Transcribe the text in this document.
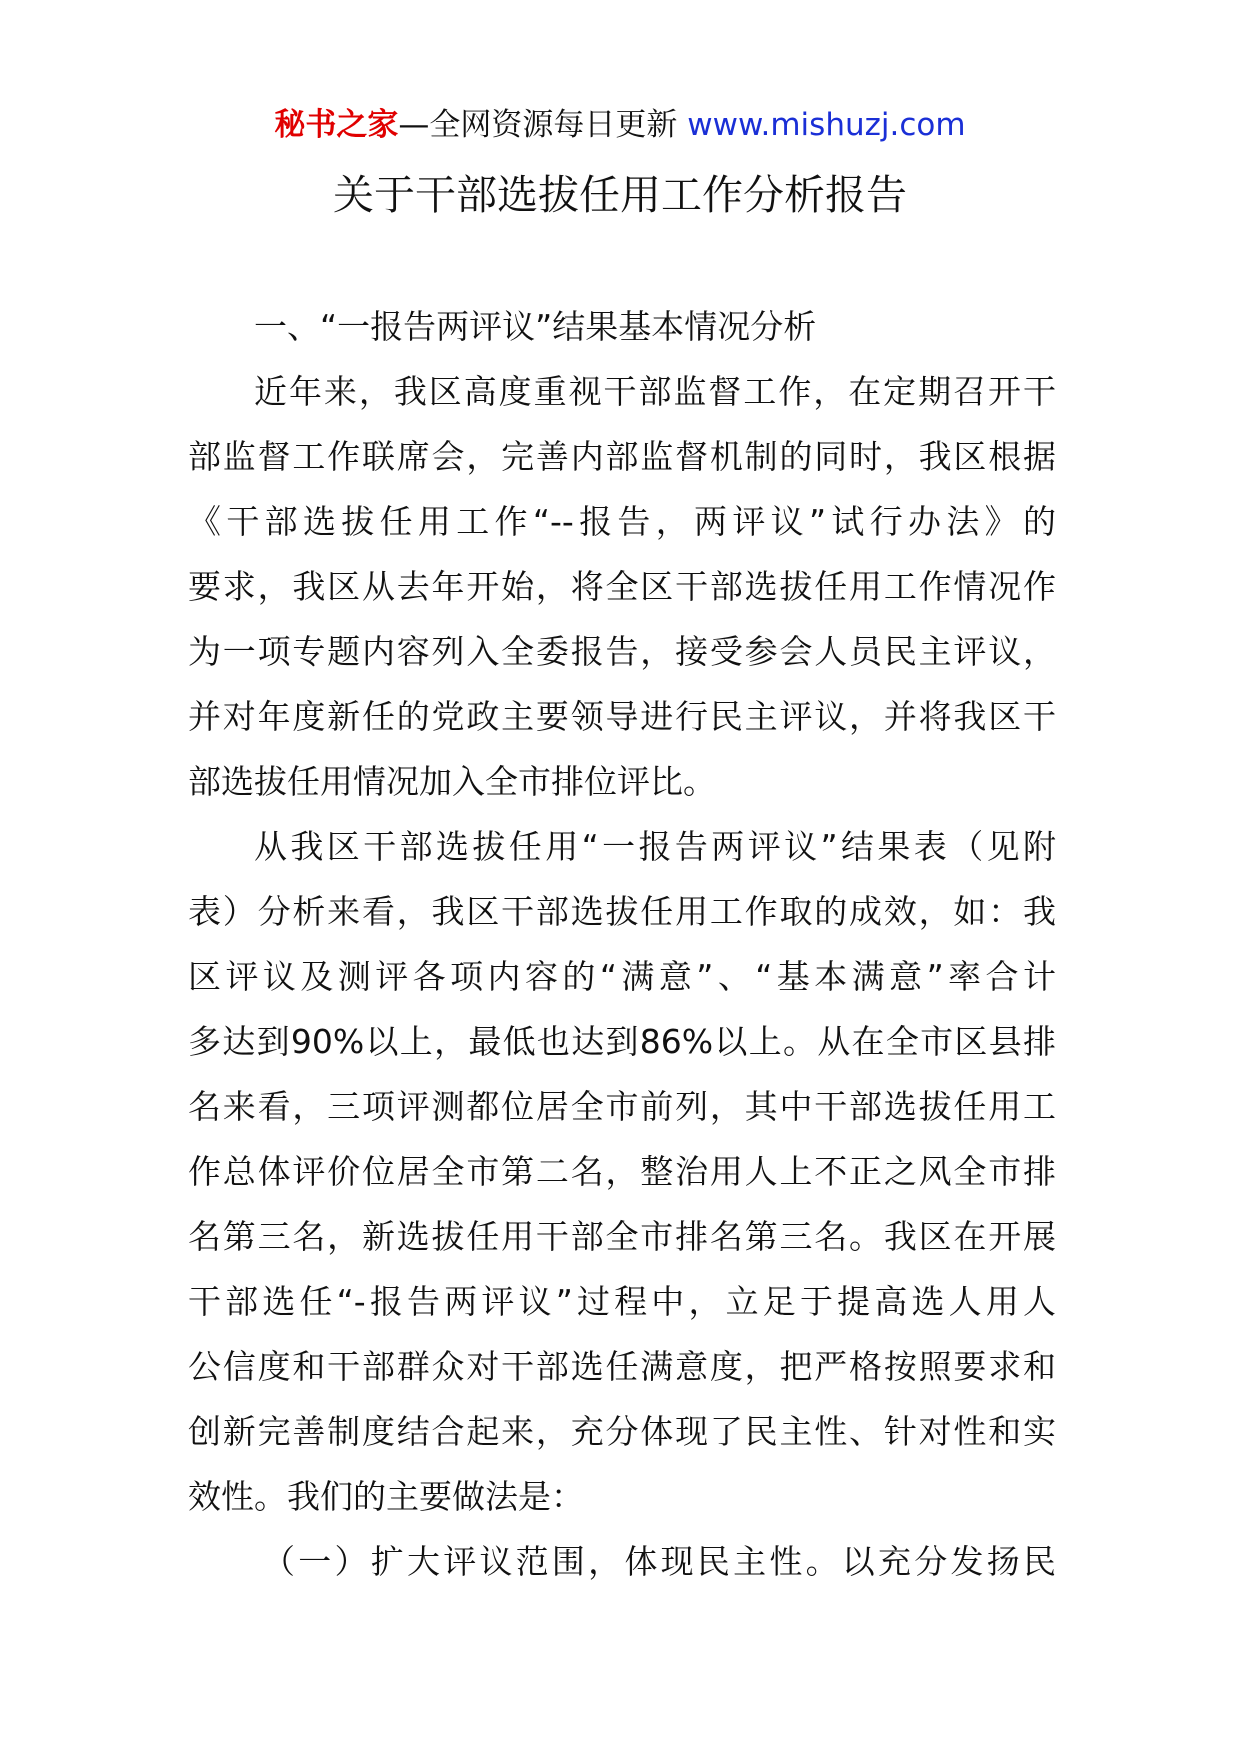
秘书之家—全网资源每日更新 www.mishuzj.com
关于干部选拔任用工作分析报告
一、“一报告两评议”结果基本情况分析
近年来，我区高度重视干部监督工作，在定期召开干
部监督工作联席会，完善内部监督机制的同时，我区根据
《干部选拔任用工作“--报告，两评议”试行办法》的
要求，我区从去年开始，将全区干部选拔任用工作情况作
为一项专题内容列入全委报告，接受参会人员民主评议，
并对年度新任的党政主要领导进行民主评议，并将我区干
部选拔任用情况加入全市排位评比。
从我区干部选拔任用“一报告两评议”结果表（见附
表）分析来看，我区干部选拔任用工作取的成效，如：我
区评议及测评各项内容的“满意”、“基本满意”率合计
多达到90%以上，最低也达到86%以上。从在全市区县排
名来看，三项评测都位居全市前列，其中干部选拔任用工
作总体评价位居全市第二名，整治用人上不正之风全市排
名第三名，新选拔任用干部全市排名第三名。我区在开展
干部选任“-报告两评议”过程中，立足于提高选人用人
公信度和干部群众对干部选任满意度，把严格按照要求和
创新完善制度结合起来，充分体现了民主性、针对性和实
效性。我们的主要做法是：
（一）扩大评议范围，体现民主性。以充分发扬民
